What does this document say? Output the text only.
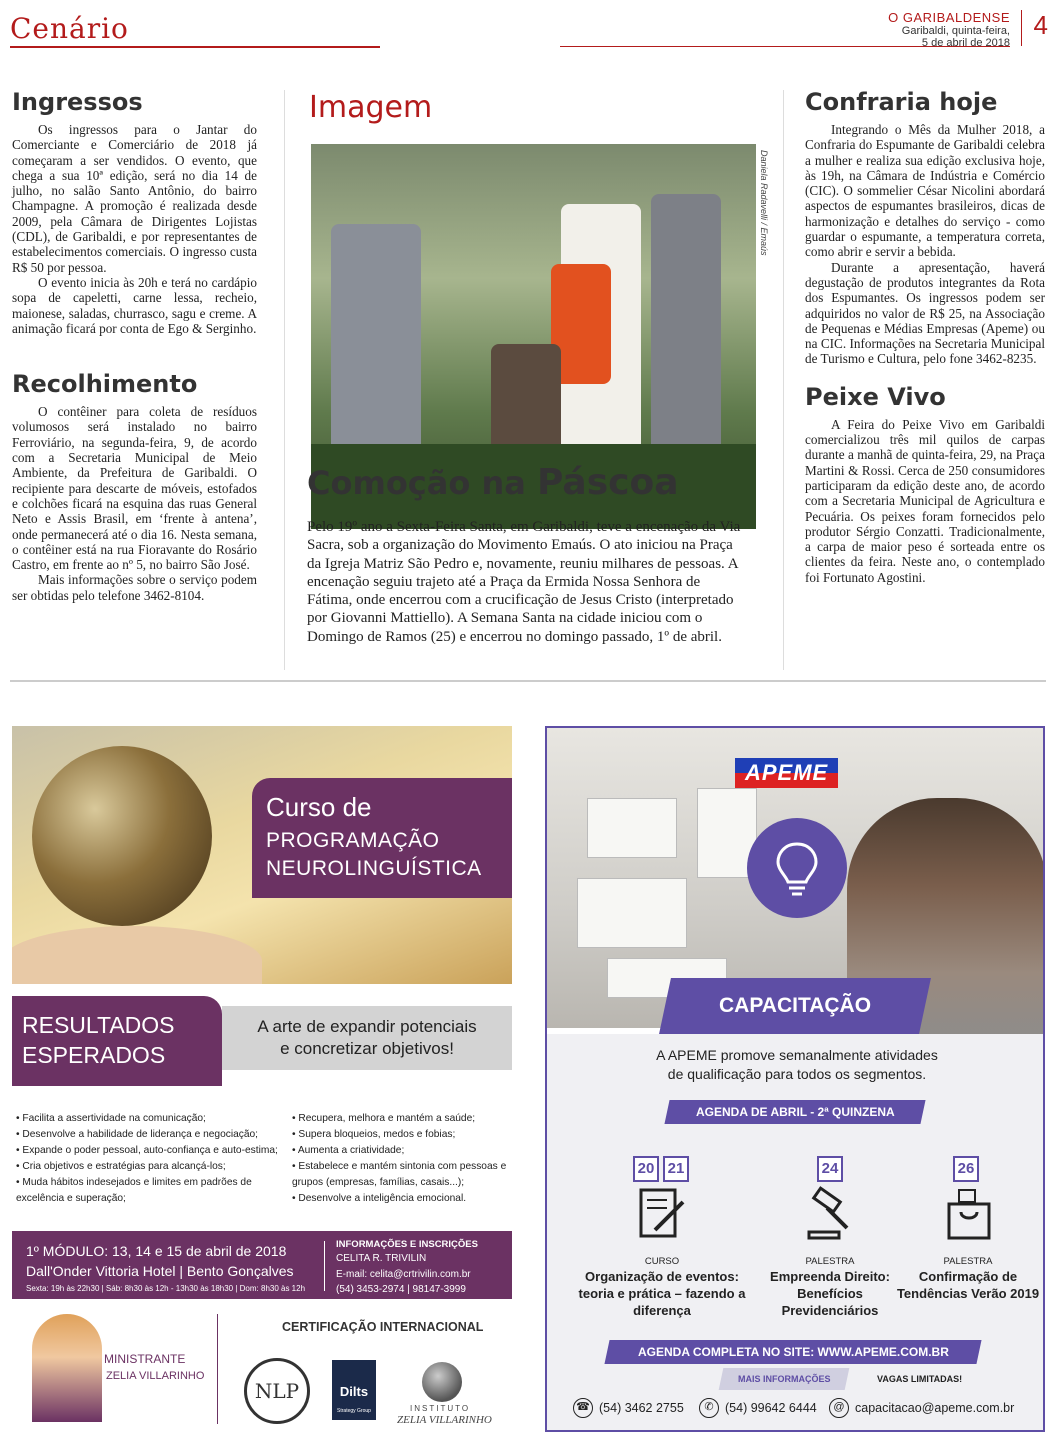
Cenário	O GARIBALDENSE
Garibaldi, quinta-feira,
5 de abril de 2018
4
Ingressos

Os ingressos para o Jantar do Comerciante e Comerciário de 2018 já começaram a ser vendidos. O evento, que chega a sua 10ª edição, será no dia 14 de julho, no salão Santo Antônio, do bairro Champagne. A promoção é realizada desde 2009, pela Câmara de Dirigentes Lojistas (CDL), de Garibaldi, e por representantes de estabelecimentos comerciais. O ingresso custa R$ 50 por pessoa.

O evento inicia às 20h e terá no cardápio sopa de capeletti, carne lessa, recheio, maionese, saladas, churrasco, sagu e creme. A animação ficará por conta de Ego & Serginho.

Recolhimento

O contêiner para coleta de resíduos volumosos será instalado no bairro Ferroviário, na segunda-feira, 9, de acordo com a Secretaria Municipal de Meio Ambiente, da Prefeitura de Garibaldi. O recipiente para descarte de móveis, estofados e colchões ficará na esquina das ruas General Neto e Assis Brasil, em ‘frente à antena’, onde permanecerá até o dia 16. Nesta semana, o contêiner está na rua Fioravante do Rosário Castro, em frente ao nº 5, no bairro São José.

Mais informações sobre o serviço podem ser obtidas pelo telefone 3462-8104.

Imagem
Daniela Radavelli / Emaús
Comoção na Páscoa
Pelo 19º ano a Sexta-Feira Santa, em Garibaldi, teve a encenação da Via Sacra, sob a organização do Movimento Emaús. O ato iniciou na Praça da Igreja Matriz São Pedro e, novamente, reuniu milhares de pessoas. A encenação seguiu trajeto até a Praça da Ermida Nossa Senhora de Fátima, onde encerrou com a crucificação de Jesus Cristo (interpretado por Giovanni Mattiello). A Semana Santa na cidade iniciou com o Domingo de Ramos (25) e encerrou no domingo passado, 1º de abril.
Confraria hoje

Integrando o Mês da Mulher 2018, a Confraria do Espumante de Garibaldi celebra a mulher e realiza sua edição exclusiva hoje, às 19h, na Câmara de Indústria e Comércio (CIC). O sommelier César Nicolini abordará aspectos de espumantes brasileiros, dicas de harmonização e detalhes do serviço - como guardar o espumante, a temperatura correta, como abrir e servir a bebida.

Durante a apresentação, haverá degustação de produtos integrantes da Rota dos Espumantes. Os ingressos podem ser adquiridos no valor de R$ 25, na Associação de Pequenas e Médias Empresas (Apeme) ou na CIC. Informações na Secretaria Municipal de Turismo e Cultura, pelo fone 3462-8235.

Peixe Vivo

A Feira do Peixe Vivo em Garibaldi comercializou três mil quilos de carpas durante a manhã de quinta-feira, 29, na Praça Martini & Rossi. Cerca de 250 consumidores participaram da edição deste ano, de acordo com a Secretaria Municipal de Agricultura e Pecuária. Os peixes foram fornecidos pelo produtor Sérgio Conzatti. Tradicionalmente, a carpa de maior peso é sorteada entre os clientes da feira. Neste ano, o contemplado foi Fortunato Agostini.

Curso de
PROGRAMAÇÃO
NEUROLINGUÍSTICA
RESULTADOS
ESPERADOS
A arte de expandir potenciais
e concretizar objetivos!
• Facilita a assertividade na comunicação;
• Desenvolve a habilidade de liderança e negociação;
• Expande o poder pessoal, auto-confiança e auto-estima;
• Cria objetivos e estratégias para alcançá-los;
• Muda hábitos indesejados e limites em padrões de excelência e superação;
• Recupera, melhora e mantém a saúde;
• Supera bloqueios, medos e fobias;
• Aumenta a criatividade;
• Estabelece e mantém sintonia com pessoas e grupos (empresas, famílias, casais...);
• Desenvolve a inteligência emocional.
1º MÓDULO: 13, 14 e 15 de abril de 2018
Dall'Onder Vittoria Hotel | Bento Gonçalves
Sexta: 19h às 22h30 | Sáb: 8h30 às 12h - 13h30 às 18h30 | Dom: 8h30 às 12h
INFORMAÇÕES E INSCRIÇÕES
CELITA R. TRIVILIN
E-mail: celita@crtrivilin.com.br
(54) 3453-2974 | 98147-3999
MINISTRANTE
ZELIA VILLARINHO
CERTIFICAÇÃO INTERNACIONAL
NLP	Dilts
Strategy Group	INSTITUTO
ZELIA VILLARINHO
APEME
CAPACITAÇÃO
A APEME promove semanalmente atividades
de qualificação para todos os segmentos.
AGENDA DE ABRIL - 2ª QUINZENA
20 21
CURSO
Organização de eventos: teoria e prática – fazendo a diferença
24
PALESTRA
Empreenda Direito: Benefícios Previdenciários
26
PALESTRA
Confirmação de Tendências Verão 2019
AGENDA COMPLETA NO SITE: WWW.APEME.COM.BR
MAIS INFORMAÇÕES	VAGAS LIMITADAS!
☎ (54) 3462 2755	✆ (54) 99642 6444	@ capacitacao@apeme.com.br
